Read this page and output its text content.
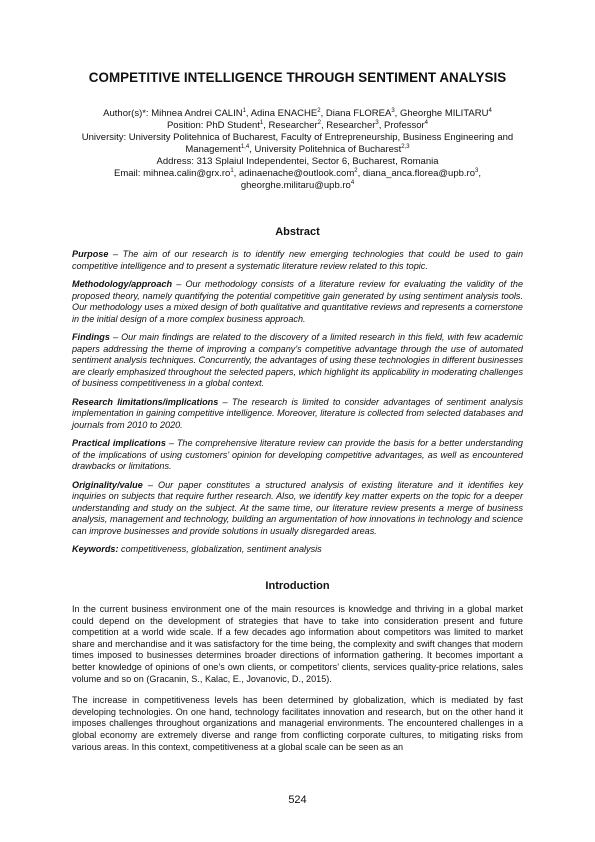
COMPETITIVE INTELLIGENCE THROUGH SENTIMENT ANALYSIS

Author(s)*: Mihnea Andrei CALIN$^1$, Adina ENACHE$^2$, Diana FLOREA$^3$, Gheorghe MILITARU$^4$

Position: PhD Student$^1$, Researcher$^2$, Researcher$^3$, Professor$^4$

University: University Politehnica of Bucharest, Faculty of Entrepreneurship, Business Engineering and Management$^{1,4}$, University Politehnica of Bucharest$^{2,3}$

Address: 313 Splaiul Independentei, Sector 6, Bucharest, Romania

Email: $mihnea.calin@grx.ro^1$, adinaenache@outlook.com$^2$, $diana\_anca.florea@upb.ro^3$, $gheorghe.militaru@upb.ro^4$

Abstract

Purpose – The aim of our research is to identify new emerging technologies that could be used to gain competitive intelligence and to present a systematic literature review related to this topic.

Methodology/approach – Our methodology consists of a literature review for evaluating the validity of the proposed theory, namely quantifying the potential competitive gain generated by using sentiment analysis tools. Our methodology uses a mixed design of both qualitative and quantitative reviews and represents a cornerstone in the initial design of a more complex business approach.

Findings – Our main findings are related to the discovery of a limited research in this field, with few academic papers addressing the theme of improving a company’s competitive advantage through the use of automated sentiment analysis techniques. Concurrently, the advantages of using these technologies in different businesses are clearly emphasized throughout the selected papers, which highlight its applicability in moderating challenges of business competitiveness in a global context.

Research limitations/implications – The research is limited to consider advantages of sentiment analysis implementation in gaining competitive intelligence. Moreover, literature is collected from selected databases and journals from 2010 to 2020.

Practical implications – The comprehensive literature review can provide the basis for a better understanding of the implications of using customers’ opinion for developing competitive advantages, as well as encountered drawbacks or limitations.

Originality/value – Our paper constitutes a structured analysis of existing literature and it identifies key inquiries on subjects that require further research. Also, we identify key matter experts on the topic for a deeper understanding and study on the subject. At the same time, our literature review presents a merge of business analysis, management and technology, building an argumentation of how innovations in technology and science can improve businesses and provide solutions in usually disregarded areas.

Keywords: competitiveness, globalization, sentiment analysis

Introduction

In the current business environment one of the main resources is knowledge and thriving in a global market could depend on the development of strategies that have to take into consideration present and future competition at a world wide scale. If a few decades ago information about competitors was limited to market share and merchandise and it was satisfactory for the time being, the complexity and swift changes that modern times imposed to businesses determines broader directions of information gathering. It becomes important a better knowledge of opinions of one’s own clients, or competitors’ clients, services quality-price relations, sales volume and so on (Gracanin, S., Kalac, E., Jovanovic, D., 2015).

The increase in competitiveness levels has been determined by globalization, which is mediated by fast developing technologies. On one hand, technology facilitates innovation and research, but on the other hand it imposes challenges throughout organizations and managerial environments. The encountered challenges in a global economy are extremely diverse and range from conflicting corporate cultures, to mitigating risks from various areas. In this context, competitiveness at a global scale can be seen as an

524
